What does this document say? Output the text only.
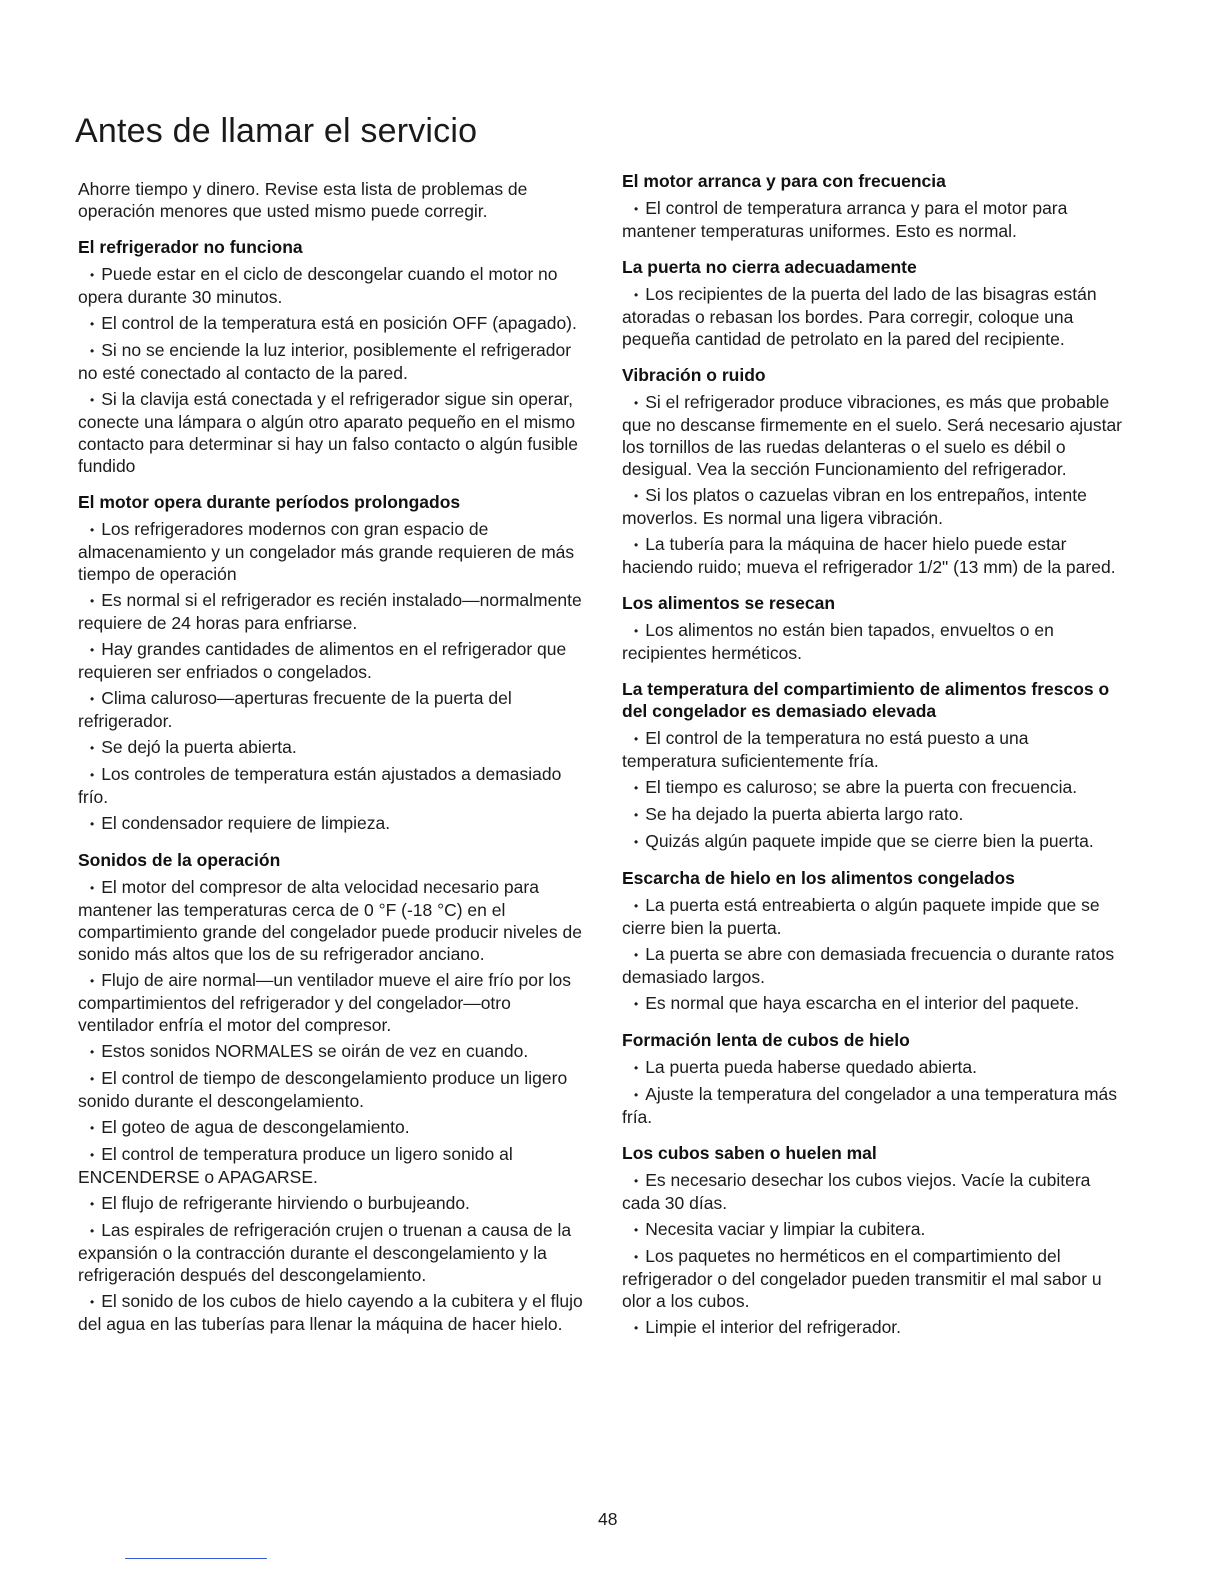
Antes de llamar el servicio

Ahorre tiempo y dinero. Revise esta lista de problemas de operación menores que usted mismo puede corregir.

El refrigerador no funciona

• Puede estar en el ciclo de descongelar cuando el motor no opera durante 30 minutos.

• El control de la temperatura está en posición OFF (apagado).

• Si no se enciende la luz interior, posiblemente el refrigerador no esté conectado al contacto de la pared.

• Si la clavija está conectada y el refrigerador sigue sin operar, conecte una lámpara o algún otro aparato pequeño en el mismo contacto para determinar si hay un falso contacto o algún fusible fundido

El motor opera durante períodos prolongados

• Los refrigeradores modernos con gran espacio de almacenamiento y un congelador más grande requieren de más tiempo de operación

• Es normal si el refrigerador es recién instalado—normalmente requiere de 24 horas para enfriarse.

• Hay grandes cantidades de alimentos en el refrigerador que requieren ser enfriados o congelados.

• Clima caluroso—aperturas frecuente de la puerta del refrigerador.

• Se dejó la puerta abierta.

• Los controles de temperatura están ajustados a demasiado frío.

• El condensador requiere de limpieza.

Sonidos de la operación

• El motor del compresor de alta velocidad necesario para mantener las temperaturas cerca de 0 °F (-18 °C) en el compartimiento grande del congelador puede producir niveles de sonido más altos que los de su refrigerador anciano.

• Flujo de aire normal—un ventilador mueve el aire frío por los compartimientos del refrigerador y del congelador—otro ventilador enfría el motor del compresor.

• Estos sonidos NORMALES se oirán de vez en cuando.

• El control de tiempo de descongelamiento produce un ligero sonido durante el descongelamiento.

• El goteo de agua de descongelamiento.

• El control de temperatura produce un ligero sonido al ENCENDERSE o APAGARSE.

• El flujo de refrigerante hirviendo o burbujeando.

• Las espirales de refrigeración crujen o truenan a causa de la expansión o la contracción durante el descongelamiento y la refrigeración después del descongelamiento.

• El sonido de los cubos de hielo cayendo a la cubitera y el flujo del agua en las tuberías para llenar la máquina de hacer hielo.

El motor arranca y para con frecuencia

• El control de temperatura arranca y para el motor para mantener temperaturas uniformes. Esto es normal.

La puerta no cierra adecuadamente

• Los recipientes de la puerta del lado de las bisagras están atoradas o rebasan los bordes. Para corregir, coloque una pequeña cantidad de petrolato en la pared del recipiente.

Vibración o ruido

• Si el refrigerador produce vibraciones, es más que probable que no descanse firmemente en el suelo. Será necesario ajustar los tornillos de las ruedas delanteras o el suelo es débil o desigual. Vea la sección Funcionamiento del refrigerador.

• Si los platos o cazuelas vibran en los entrepaños, intente moverlos. Es normal una ligera vibración.

• La tubería para la máquina de hacer hielo puede estar haciendo ruido; mueva el refrigerador 1/2" (13 mm) de la pared.

Los alimentos se resecan

• Los alimentos no están bien tapados, envueltos o en recipientes herméticos.

La temperatura del compartimiento de alimentos frescos o del congelador es demasiado elevada

• El control de la temperatura no está puesto a una temperatura suficientemente fría.

• El tiempo es caluroso; se abre la puerta con frecuencia.

• Se ha dejado la puerta abierta largo rato.

• Quizás algún paquete impide que se cierre bien la puerta.

Escarcha de hielo en los alimentos congelados

• La puerta está entreabierta o algún paquete impide que se cierre bien la puerta.

• La puerta se abre con demasiada frecuencia o durante ratos demasiado largos.

• Es normal que haya escarcha en el interior del paquete.

Formación lenta de cubos de hielo

• La puerta pueda haberse quedado abierta.

• Ajuste la temperatura del congelador a una temperatura más fría.

Los cubos saben o huelen mal

• Es necesario desechar los cubos viejos. Vacíe la cubitera cada 30 días.

• Necesita vaciar y limpiar la cubitera.

• Los paquetes no herméticos en el compartimiento del refrigerador o del congelador pueden transmitir el mal sabor u olor a los cubos.

• Limpie el interior del refrigerador.

48
